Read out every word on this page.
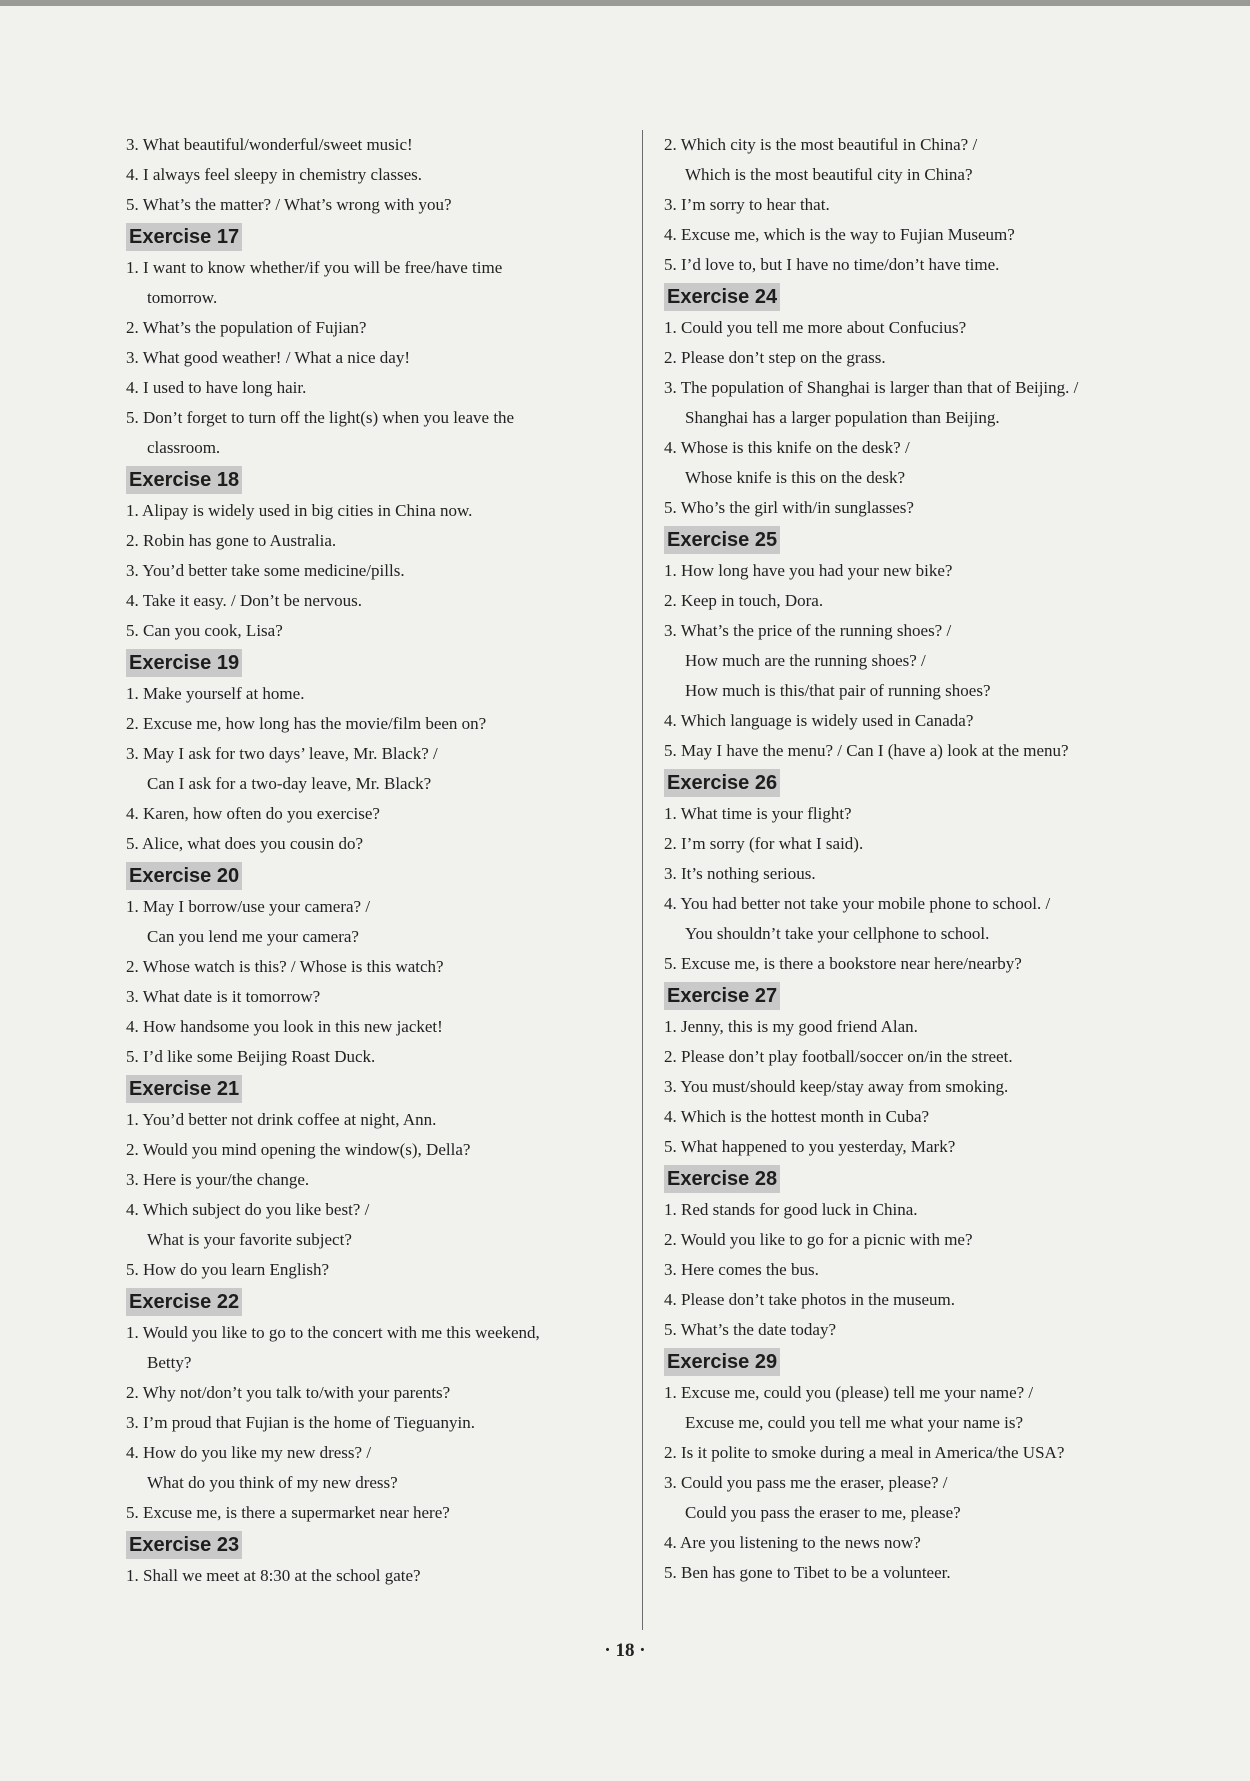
3. What beautiful/wonderful/sweet music!
4. I always feel sleepy in chemistry classes.
5. What’s the matter? / What’s wrong with you?
Exercise 17
1. I want to know whether/if you will be free/have time
tomorrow.
2. What’s the population of Fujian?
3. What good weather! / What a nice day!
4. I used to have long hair.
5. Don’t forget to turn off the light(s) when you leave the
classroom.
Exercise 18
1. Alipay is widely used in big cities in China now.
2. Robin has gone to Australia.
3. You’d better take some medicine/pills.
4. Take it easy. / Don’t be nervous.
5. Can you cook, Lisa?
Exercise 19
1. Make yourself at home.
2. Excuse me, how long has the movie/film been on?
3. May I ask for two days’ leave, Mr. Black? /
Can I ask for a two-day leave, Mr. Black?
4. Karen, how often do you exercise?
5. Alice, what does you cousin do?
Exercise 20
1. May I borrow/use your camera? /
Can you lend me your camera?
2. Whose watch is this? / Whose is this watch?
3. What date is it tomorrow?
4. How handsome you look in this new jacket!
5. I’d like some Beijing Roast Duck.
Exercise 21
1. You’d better not drink coffee at night, Ann.
2. Would you mind opening the window(s), Della?
3. Here is your/the change.
4. Which subject do you like best? /
What is your favorite subject?
5. How do you learn English?
Exercise 22
1. Would you like to go to the concert with me this weekend,
Betty?
2. Why not/don’t you talk to/with your parents?
3. I’m proud that Fujian is the home of Tieguanyin.
4. How do you like my new dress? /
What do you think of my new dress?
5. Excuse me, is there a supermarket near here?
Exercise 23
1. Shall we meet at 8:30 at the school gate?
2. Which city is the most beautiful in China? /
Which is the most beautiful city in China?
3. I’m sorry to hear that.
4. Excuse me, which is the way to Fujian Museum?
5. I’d love to, but I have no time/don’t have time.
Exercise 24
1. Could you tell me more about Confucius?
2. Please don’t step on the grass.
3. The population of Shanghai is larger than that of Beijing. /
Shanghai has a larger population than Beijing.
4. Whose is this knife on the desk? /
Whose knife is this on the desk?
5. Who’s the girl with/in sunglasses?
Exercise 25
1. How long have you had your new bike?
2. Keep in touch, Dora.
3. What’s the price of the running shoes? /
How much are the running shoes? /
How much is this/that pair of running shoes?
4. Which language is widely used in Canada?
5. May I have the menu? / Can I (have a) look at the menu?
Exercise 26
1. What time is your flight?
2. I’m sorry (for what I said).
3. It’s nothing serious.
4. You had better not take your mobile phone to school. /
You shouldn’t take your cellphone to school.
5. Excuse me, is there a bookstore near here/nearby?
Exercise 27
1. Jenny, this is my good friend Alan.
2. Please don’t play football/soccer on/in the street.
3. You must/should keep/stay away from smoking.
4. Which is the hottest month in Cuba?
5. What happened to you yesterday, Mark?
Exercise 28
1. Red stands for good luck in China.
2. Would you like to go for a picnic with me?
3. Here comes the bus.
4. Please don’t take photos in the museum.
5. What’s the date today?
Exercise 29
1. Excuse me, could you (please) tell me your name? /
Excuse me, could you tell me what your name is?
2. Is it polite to smoke during a meal in America/the USA?
3. Could you pass me the eraser, please? /
Could you pass the eraser to me, please?
4. Are you listening to the news now?
5. Ben has gone to Tibet to be a volunteer.
· 18 ·
